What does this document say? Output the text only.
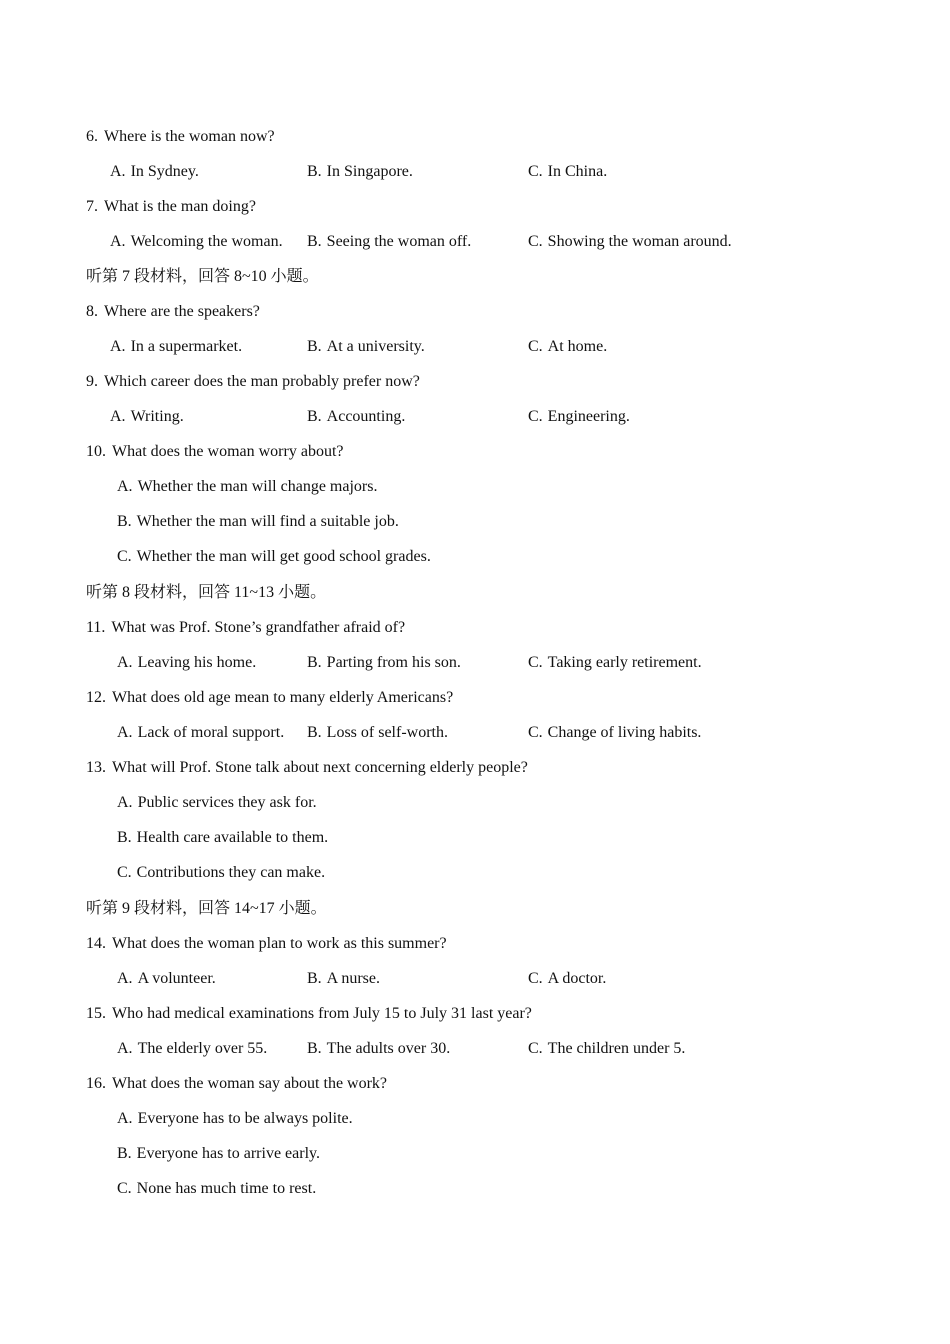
6. Where is the woman now?
A. In Sydney.	B. In Singapore.	C. In China.
7. What is the man doing?
A. Welcoming the woman. B. Seeing the woman off.	C. Showing the woman around.
听第 7 段材料，回答 8~10 小题。
8. Where are the speakers?
A. In a supermarket.	B. At a university.	C. At home.
9. Which career does the man probably prefer now?
A. Writing.	B. Accounting.	C. Engineering.
10. What does the woman worry about?
A. Whether the man will change majors.
B. Whether the man will find a suitable job.
C. Whether the man will get good school grades.
听第 8 段材料，回答 11~13 小题。
11. What was Prof. Stone’s grandfather afraid of?
A. Leaving his home.	B. Parting from his son.	C. Taking early retirement.
12. What does old age mean to many elderly Americans?
A. Lack of moral support. B. Loss of self-worth.	C. Change of living habits.
13. What will Prof. Stone talk about next concerning elderly people?
A. Public services they ask for.
B. Health care available to them.
C. Contributions they can make.
听第 9 段材料，回答 14~17 小题。
14. What does the woman plan to work as this summer?
A. A volunteer.	B. A nurse.	C. A doctor.
15. Who had medical examinations from July 15 to July 31 last year?
A. The elderly over 55. B. The adults over 30.	C. The children under 5.
16. What does the woman say about the work?
A. Everyone has to be always polite.
B. Everyone has to arrive early.
C. None has much time to rest.
